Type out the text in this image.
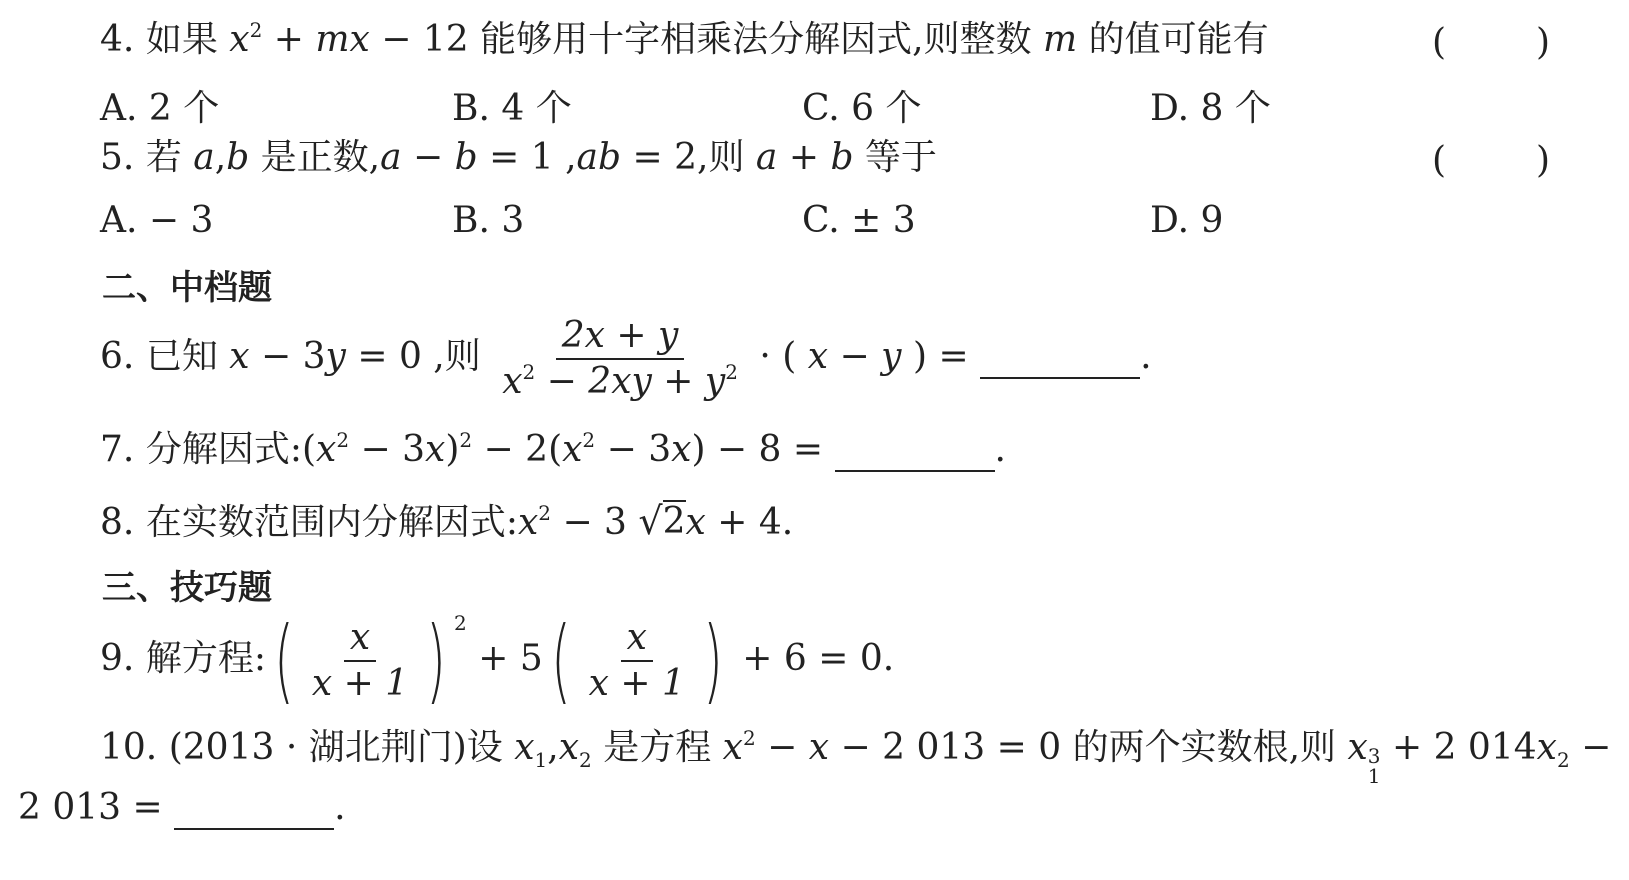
4. 如果 $x^2$ + mx − 12 能够用十字相乘法分解因式,则整数 m 的值可能有	( )
A. 2 个	B. 4 个	C. 6 个	D. 8 个
5. 若 a,b 是正数,a − b = 1 ,ab = 2,则 a + b 等于	( )
A. − 3	B. 3	C. ± 3	D. 9
二、中档题
6. 已知 x − 3y = 0 ,则 $\frac{2x + y}{x^2 - 2xy + y^2}$ · ( x − y ) =	.
7. 分解因式$:(x^2 - 3x)^2 - 2(x^2 - 3x) - 8$ =	.
8. 在实数范围内分解因式$:x^2 - 3$ √ 2 x + 4.
三、技巧题
9. 解方程:( $\frac{x}{x + 1}$ ) $^2 + 5( \frac{x}{x + 1}$ ) + 6 = 0.
10. (2013 · 湖北荆门)设 $x_1,x_2$ 是方程 $x^2 - x - 2$ 013 = 0 的两个实数根,则 x 3
1
+ 2 $014x_2$ −
2 013 =	.
